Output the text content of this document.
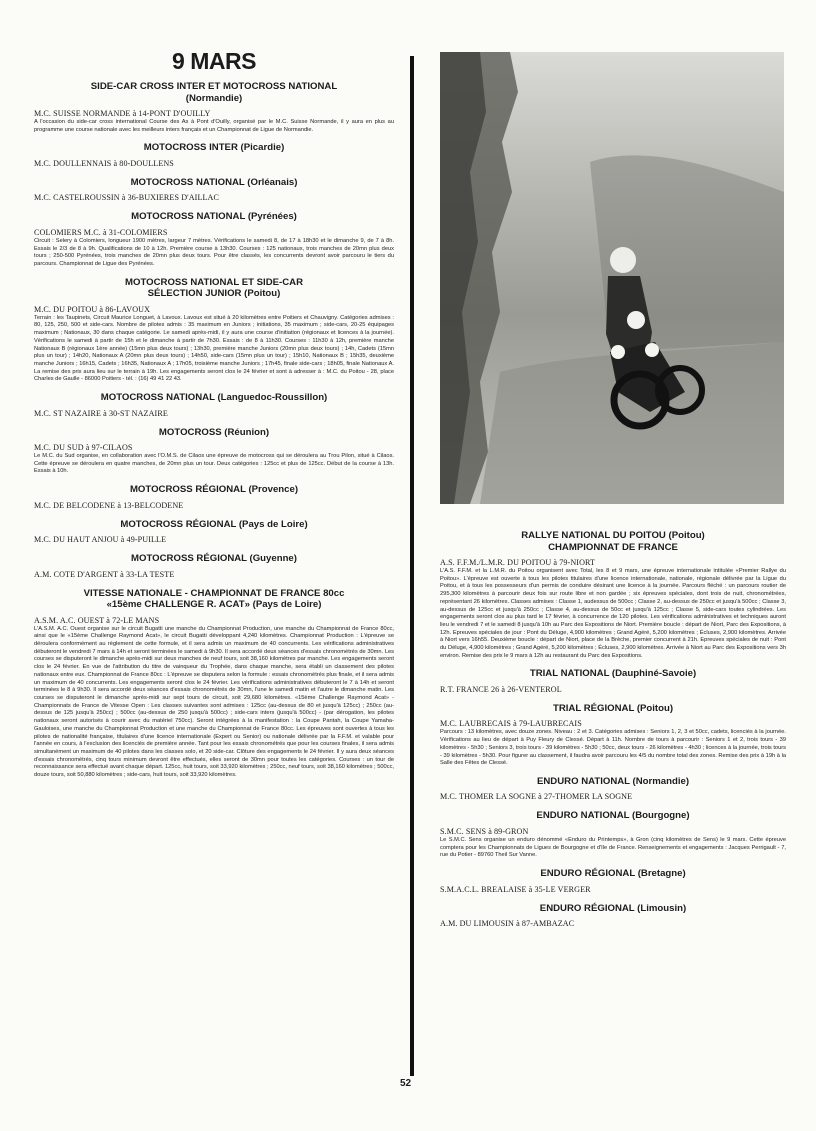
9 MARS
SIDE-CAR CROSS INTER ET MOTOCROSS NATIONAL
(Normandie)
M.C. SUISSE NORMANDE à 14-PONT D'OUILLY
A l'occasion du side-car cross international Course des As à Pont d'Ouilly, organisé par le M.C. Suisse Normande, il y aura en plus au programme une course nationale avec les meilleurs inters français et un Championnat de Ligue de Normandie.
MOTOCROSS INTER (Picardie)
M.C. DOULLENNAIS à 80-DOULLENS
MOTOCROSS NATIONAL (Orléanais)
M.C. CASTELROUSSIN à 36-BUXIERES D'AILLAC
MOTOCROSS NATIONAL (Pyrénées)
COLOMIERS M.C. à 31-COLOMIERS
Circuit : Selery à Colomiers, longueur 1900 mètres, largeur 7 mètres. Vérifications le samedi 8, de 17 à 18h30 et le dimanche 9, de 7 à 8h. Essais le 2/3 de 8 à 9h. Qualifications de 10 à 12h. Première course à 13h30. Courses : 125 nationaux, trois manches de 20mn plus deux tours ; 250-500 Pyrénées, trois manches de 20mn plus deux tours. Pour être classés, les concurrents devront avoir parcouru le tiers du parcours. Championnat de Ligue des Pyrénées.
MOTOCROSS NATIONAL ET SIDE-CAR
SÉLECTION JUNIOR (Poitou)
M.C. DU POITOU à 86-LAVOUX
Terrain : les Taupinets, Circuit Maurice Longuet, à Lavoux. Lavoux est situé à 20 kilomètres entre Poitiers et Chauvigny. Catégories admises : 80, 125, 250, 500 et side-cars. Nombre de pilotes admis : 35 maximum en Juniors ; initiations, 35 maximum ; side-cars, 20-25 équipages maximum ; Nationaux, 30 dans chaque catégorie. Le samedi après-midi, il y aura une course d'initiation (régionaux et licences à la journée). Vérifications le samedi à partir de 15h et le dimanche à partir de 7h30. Essais : de 8 à 11h30. Courses : 11h30 à 12h, première manche Nationaux B (régionaux 1ère année) (15mn plus deux tours) ; 13h30, première manche Juniors (20mn plus deux tours) ; 14h, Cadets (15mn plus un tour) ; 14h20, Nationaux A (20mn plus deux tours) ; 14h50, side-cars (15mn plus un tour) ; 15h10, Nationaux B ; 15h35, deuxième manche Juniors ; 16h15, Cadets ; 16h35, Nationaux A ; 17h05, troisième manche Juniors ; 17h45, finale side-cars ; 18h05, finale Nationaux A. La remise des prix aura lieu sur le terrain à 19h. Les engagements seront clos le 24 février et sont à adresser à : M.C. du Poitou - 28, place Charles de Gaulle - 86000 Poitiers - tél. : (16) 49 41 22 43.
MOTOCROSS NATIONAL (Languedoc-Roussillon)
M.C. ST NAZAIRE à 30-ST NAZAIRE
MOTOCROSS (Réunion)
M.C. DU SUD à 97-CILAOS
Le M.C. du Sud organise, en collaboration avec l'O.M.S. de Cilaos une épreuve de motocross qui se déroulera au Trou Pilon, situé à Cilaos. Cette épreuve se déroulera en quatre manches, de 20mn plus un tour. Deux catégories : 125cc et plus de 125cc. Début de la course à 13h. Essais à 10h.
MOTOCROSS RÉGIONAL (Provence)
M.C. DE BELCODENE à 13-BELCODENE
MOTOCROSS RÉGIONAL (Pays de Loire)
M.C. DU HAUT ANJOU à 49-PUILLE
MOTOCROSS RÉGIONAL (Guyenne)
A.M. COTE D'ARGENT à 33-LA TESTE
VITESSE NATIONALE - CHAMPIONNAT DE FRANCE 80cc
«15ème CHALLENGE R. ACAT» (Pays de Loire)
A.S.M. A.C. OUEST à 72-LE MANS
L'A.S.M. A.C. Ouest organise sur le circuit Bugatti une manche du Championnat Production, une manche du Championnat de France 80cc, ainsi que le «15ème Challenge Raymond Acat», le circuit Bugatti développant 4,240 kilomètres. Championnat Production : L'épreuve se déroulera conformément au règlement de cette formule, et il sera admis un maximum de 40 concurrents. Les vérifications administratives débuteront le vendredi 7 mars à 14h et seront terminées le samedi à 9h30. Il sera accordé deux séances d'essais chronométrés de 30mn. Les courses se disputeront le dimanche après-midi sur deux manches de neuf tours, soit 38,160 kilomètres par manche. Les engagements seront clos le 24 février. En vue de l'attribution du titre de vainqueur du Trophée, dans chaque manche, sera établi un classement des pilotes nationaux entre eux. Championnat de France 80cc : L'épreuve se disputera selon la formule : essais chronométrés plus finale, et il sera admis un maximum de 40 concurrents. Les engagements seront clos le 24 février. Les vérifications administratives débuteront le 7 à 14h et seront terminées le 8 à 9h30. Il sera accordé deux séances d'essais chronométrés de 30mn, l'une le samedi matin et l'autre le dimanche matin. Les courses se disputeront le dimanche après-midi sur sept tours de circuit, soit 29,680 kilomètres. «15ème Challenge Raymond Acat» - Championnats de France de Vitesse Open : Les classes suivantes sont admises : 125cc (au-dessus de 80 et jusqu'à 125cc) ; 250cc (au-dessus de 125 jusqu'à 250cc) ; 500cc (au-dessus de 250 jusqu'à 500cc) ; side-cars inters (jusqu'à 500cc) - (par dérogation, les pilotes nationaux seront autorisés à courir avec du matériel 750cc). Seront intégrées à la manifestation : la Coupe Pantah, la Coupe Yamaha-Gauloises, une manche du Championnat Production et une manche du Championnat de France 80cc. Les épreuves sont ouvertes à tous les pilotes de nationalité française, titulaires d'une licence internationale (Expert ou Senior) ou nationale délivrée par la F.F.M. et valable pour l'année en cours, à l'exclusion des licenciés de première année. Tant pour les essais chronométrés que pour les courses finales, il sera admis simultanément un maximum de 40 pilotes dans les classes solo, et 20 side-car. Clôture des engagements le 24 février. Il y aura deux séances d'essais chronométrés, cinq tours minimum devront être effectués, elles seront de 30mn pour toutes les catégories. Courses : un tour de reconnaissance sera effectué avant chaque départ. 125cc, huit tours, soit 33,920 kilomètres ; 250cc, neuf tours, soit 38,160 kilomètres ; 500cc, douze tours, soit 50,880 kilomètres ; side-cars, huit tours, soit 33,920 kilomètres.
RALLYE NATIONAL DU POITOU (Poitou)
CHAMPIONNAT DE FRANCE
A.S. F.F.M./L.M.R. DU POITOU à 79-NIORT
L'A.S. F.F.M. et la L.M.R. du Poitou organisent avec Total, les 8 et 9 mars, une épreuve internationale intitulée «Premier Rallye du Poitou». L'épreuve est ouverte à tous les pilotes titulaires d'une licence internationale, nationale, régionale délivrée par la Ligue du Poitou, et à tous les possesseurs d'un permis de conduire désirant une licence à la journée. Parcours fléché : un parcours routier de 295,300 kilomètres à parcourir deux fois sur route libre et non gardée ; six épreuves spéciales, dont trois de nuit, chronométrées, représentant 26 kilomètres. Classes admises : Classe 1, audessus de 500cc ; Classe 2, au-dessus de 250cc et jusqu'à 500cc ; Classe 3, au-dessus de 125cc et jusqu'à 250cc ; Classe 4, au-dessus de 50cc et jusqu'à 125cc ; Classe 5, side-cars toutes cylindrées. Les engagements seront clos au plus tard le 17 février, à concurrence de 120 pilotes. Les vérifications administratives et techniques auront lieu le vendredi 7 et le samedi 8 jusqu'à 10h au Parc des Expositions de Niort. Première boucle : départ de Niort, Parc des Expositions, à 12h. Epreuves spéciales de jour : Pont du Déluge, 4,900 kilomètres ; Grand Agéré, 5,200 kilomètres ; Écluses, 2,900 kilomètres. Arrivée à Niort vers 16h55. Deuxième boucle : départ de Niort, place de la Brèche, premier concurrent à 21h. Epreuves spéciales de nuit : Pont du Déluge, 4,900 kilomètres ; Grand Agéré, 5,200 kilomètres ; Écluses, 2,900 kilomètres. Arrivée à Niort au Parc des Expositions vers 3h environ. Remise des prix le 9 mars à 12h au restaurant du Parc des Expositions.
TRIAL NATIONAL (Dauphiné-Savoie)
R.T. FRANCE 26 à 26-VENTEROL
TRIAL RÉGIONAL (Poitou)
M.C. LAUBRECAIS à 79-LAUBRECAIS
Parcours : 13 kilomètres, avec douze zones. Niveau : 2 et 3. Catégories admises : Seniors 1, 2, 3 et 50cc, cadets, licenciés à la journée. Vérifications au lieu de départ à Puy Fleury de Clessé. Départ à 11h. Nombre de tours à parcourir : Seniors 1 et 2, trois tours - 39 kilomètres - 5h30 ; Seniors 3, trois tours - 39 kilomètres - 5h30 ; 50cc, deux tours - 26 kilomètres - 4h30 ; licences à la journée, trois tours - 39 kilomètres - 5h30. Pour figurer au classement, il faudra avoir parcouru les 4/5 du nombre total des zones. Remise des prix à 19h à la Salle des Fêtes de Clessé.
ENDURO NATIONAL (Normandie)
M.C. THOMER LA SOGNE à 27-THOMER LA SOGNE
ENDURO NATIONAL (Bourgogne)
S.M.C. SENS à 89-GRON
Le S.M.C. Sens organise un enduro dénommé «Enduro du Printemps», à Gron (cinq kilomètres de Sens) le 9 mars. Cette épreuve comptera pour les Championnats de Ligues de Bourgogne et d'Ile de France. Renseignements et engagements : Jacques Perrigault - 7, rue du Potier - 89760 Theil Sur Vanne.
ENDURO RÉGIONAL (Bretagne)
S.M.A.C.L. BREALAISE à 35-LE VERGER
ENDURO RÉGIONAL (Limousin)
A.M. DU LIMOUSIN à 87-AMBAZAC
52
